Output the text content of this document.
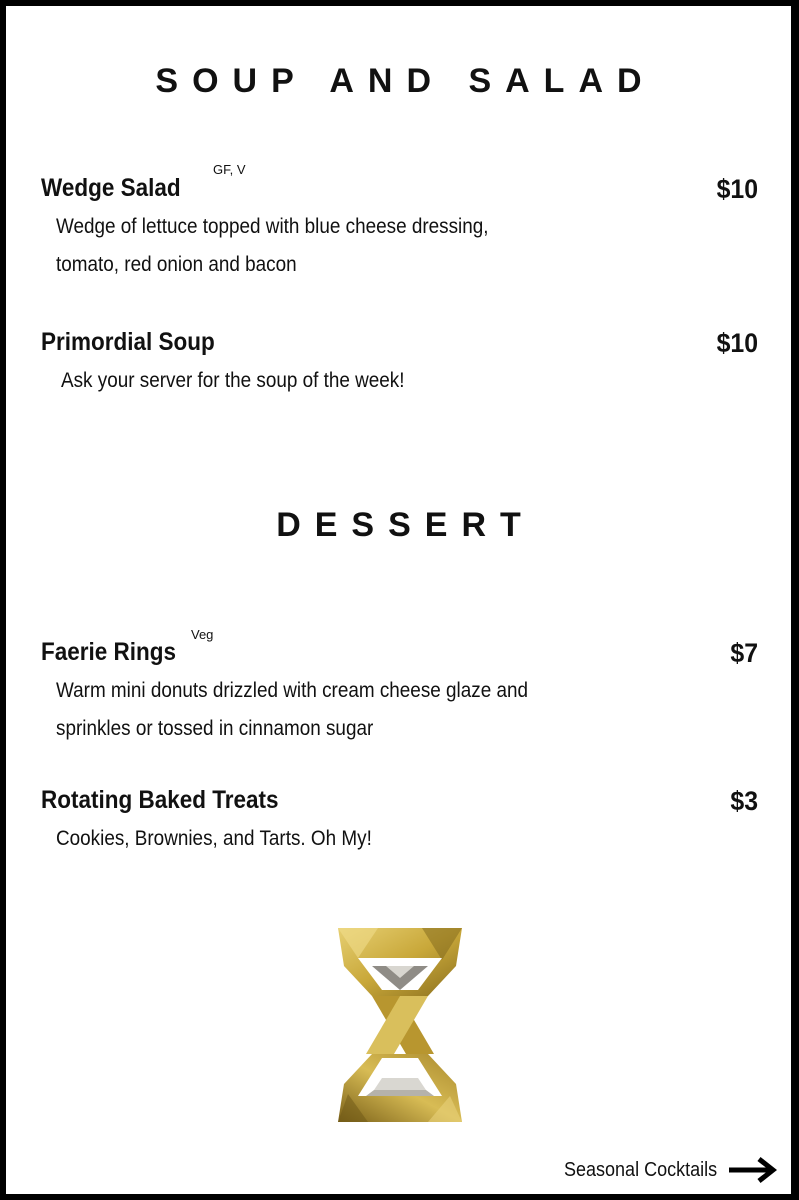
SOUP AND SALAD
Wedge Salad
GF, V
$10
Wedge of lettuce topped with blue cheese dressing,
tomato, red onion and bacon
Primordial Soup	$10
Ask your server for the soup of the week!
DESSERT
Faerie Rings
Veg
$7
Warm mini donuts drizzled with cream cheese glaze and
sprinkles or tossed in cinnamon sugar
Rotating Baked Treats	$3
Cookies, Brownies, and Tarts. Oh My!
Seasonal Cocktails
